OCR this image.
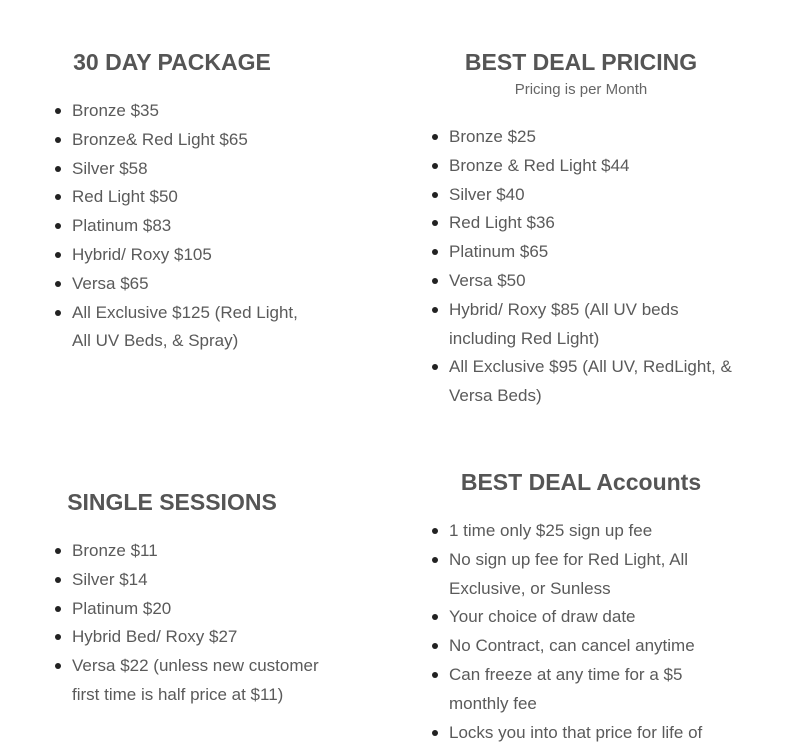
30 DAY PACKAGE
Bronze $35
Bronze& Red Light $65
Silver $58
Red Light $50
Platinum $83
Hybrid/ Roxy $105
Versa $65
All Exclusive $125 (Red Light, All UV Beds, & Spray)
BEST DEAL PRICING

Pricing is per Month

Bronze $25
Bronze & Red Light $44
Silver $40
Red Light $36
Platinum $65
Versa $50
Hybrid/ Roxy $85 (All UV beds including Red Light)
All Exclusive $95 (All UV, RedLight, & Versa Beds)
SINGLE SESSIONS
Bronze $11
Silver $14
Platinum $20
Hybrid Bed/ Roxy $27
Versa $22 (unless new customer first time is half price at $11)
BEST DEAL Accounts
1 time only $25 sign up fee
No sign up fee for Red Light, All Exclusive, or Sunless
Your choice of draw date
No Contract, can cancel anytime
Can freeze at any time for a $5 monthly fee
Locks you into that price for life of
